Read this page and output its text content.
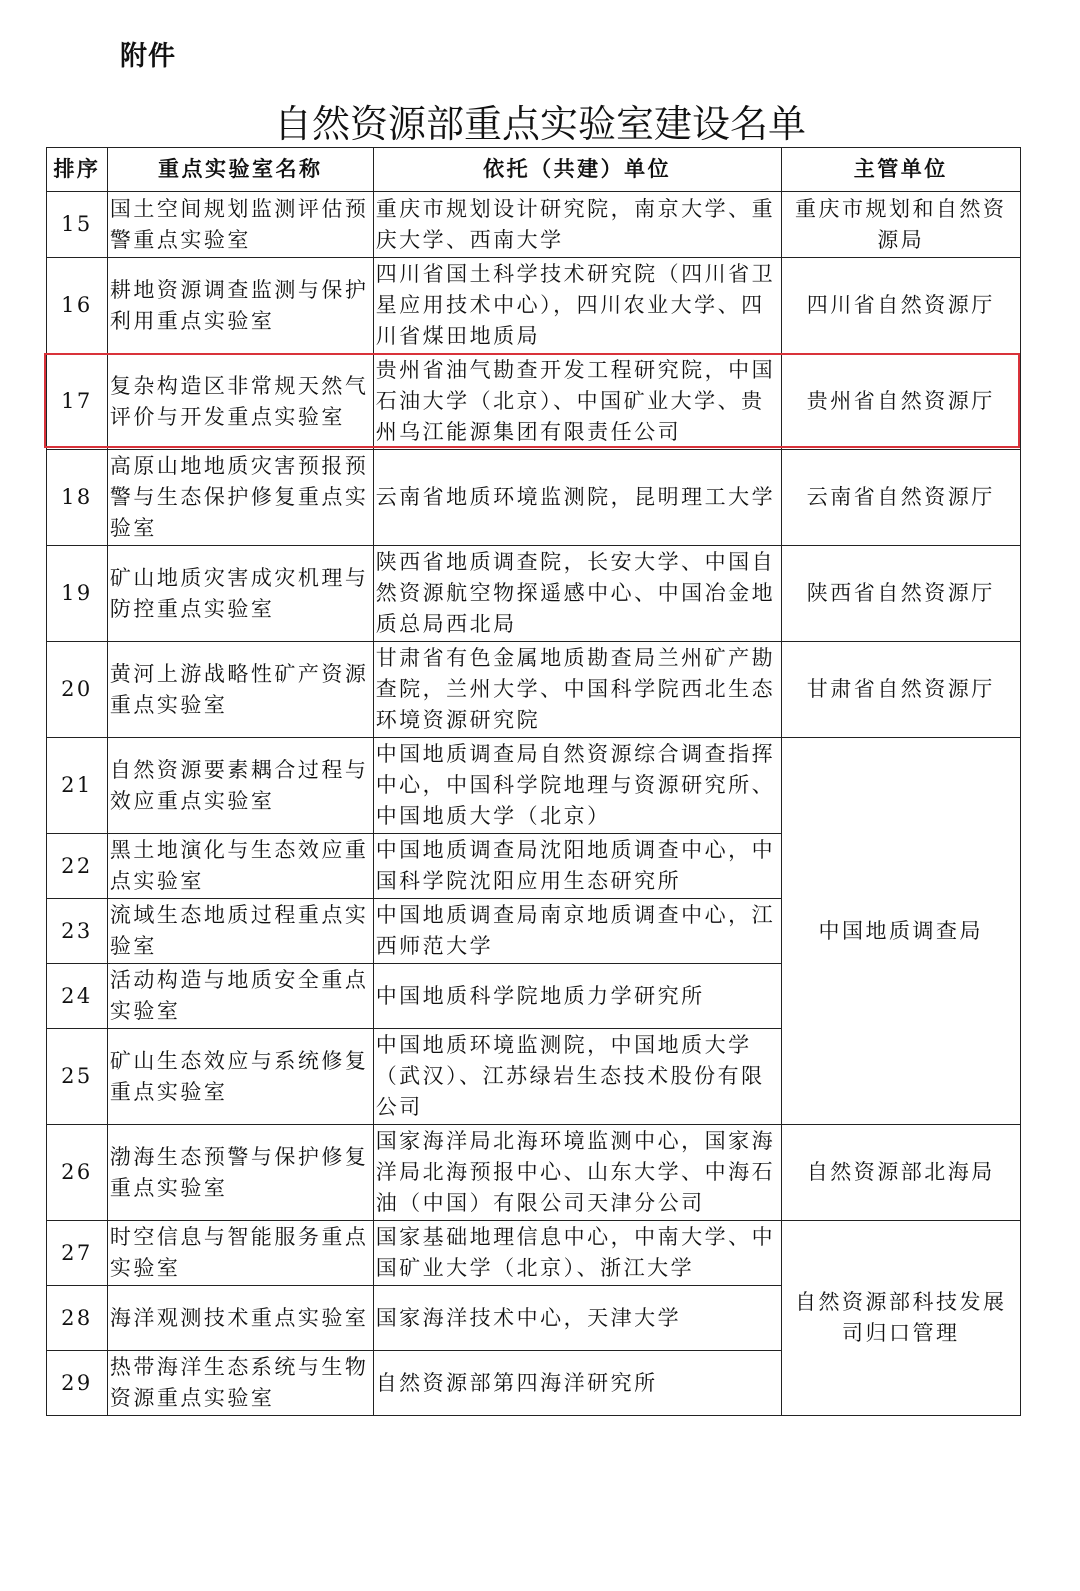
附件
自然资源部重点实验室建设名单
排序	重点实验室名称	依托（共建）单位	主管单位
15	国土空间规划监测评估预警重点实验室	重庆市规划设计研究院，南京大学、重庆大学、西南大学	重庆市规划和自然资源局
16	耕地资源调查监测与保护利用重点实验室	四川省国土科学技术研究院（四川省卫星应用技术中心），四川农业大学、四川省煤田地质局	四川省自然资源厅
17	复杂构造区非常规天然气评价与开发重点实验室	贵州省油气勘查开发工程研究院，中国石油大学（北京）、中国矿业大学、贵州乌江能源集团有限责任公司	贵州省自然资源厅
18	高原山地地质灾害预报预警与生态保护修复重点实验室	云南省地质环境监测院，昆明理工大学	云南省自然资源厅
19	矿山地质灾害成灾机理与防控重点实验室	陕西省地质调查院，长安大学、中国自然资源航空物探遥感中心、中国冶金地质总局西北局	陕西省自然资源厅
20	黄河上游战略性矿产资源重点实验室	甘肃省有色金属地质勘查局兰州矿产勘查院，兰州大学、中国科学院西北生态环境资源研究院	甘肃省自然资源厅
21	自然资源要素耦合过程与效应重点实验室	中国地质调查局自然资源综合调查指挥中心，中国科学院地理与资源研究所、中国地质大学（北京）	中国地质调查局
22	黑土地演化与生态效应重点实验室	中国地质调查局沈阳地质调查中心，中国科学院沈阳应用生态研究所	
23	流域生态地质过程重点实验室	中国地质调查局南京地质调查中心，江西师范大学	
24	活动构造与地质安全重点实验室	中国地质科学院地质力学研究所	
25	矿山生态效应与系统修复重点实验室	中国地质环境监测院，中国地质大学（武汉）、江苏绿岩生态技术股份有限公司	
26	渤海生态预警与保护修复重点实验室	国家海洋局北海环境监测中心，国家海洋局北海预报中心、山东大学、中海石油（中国）有限公司天津分公司	自然资源部北海局
27	时空信息与智能服务重点实验室	国家基础地理信息中心，中南大学、中国矿业大学（北京）、浙江大学	自然资源部科技发展司归口管理
28	海洋观测技术重点实验室	国家海洋技术中心，天津大学	
29	热带海洋生态系统与生物资源重点实验室	自然资源部第四海洋研究所	
